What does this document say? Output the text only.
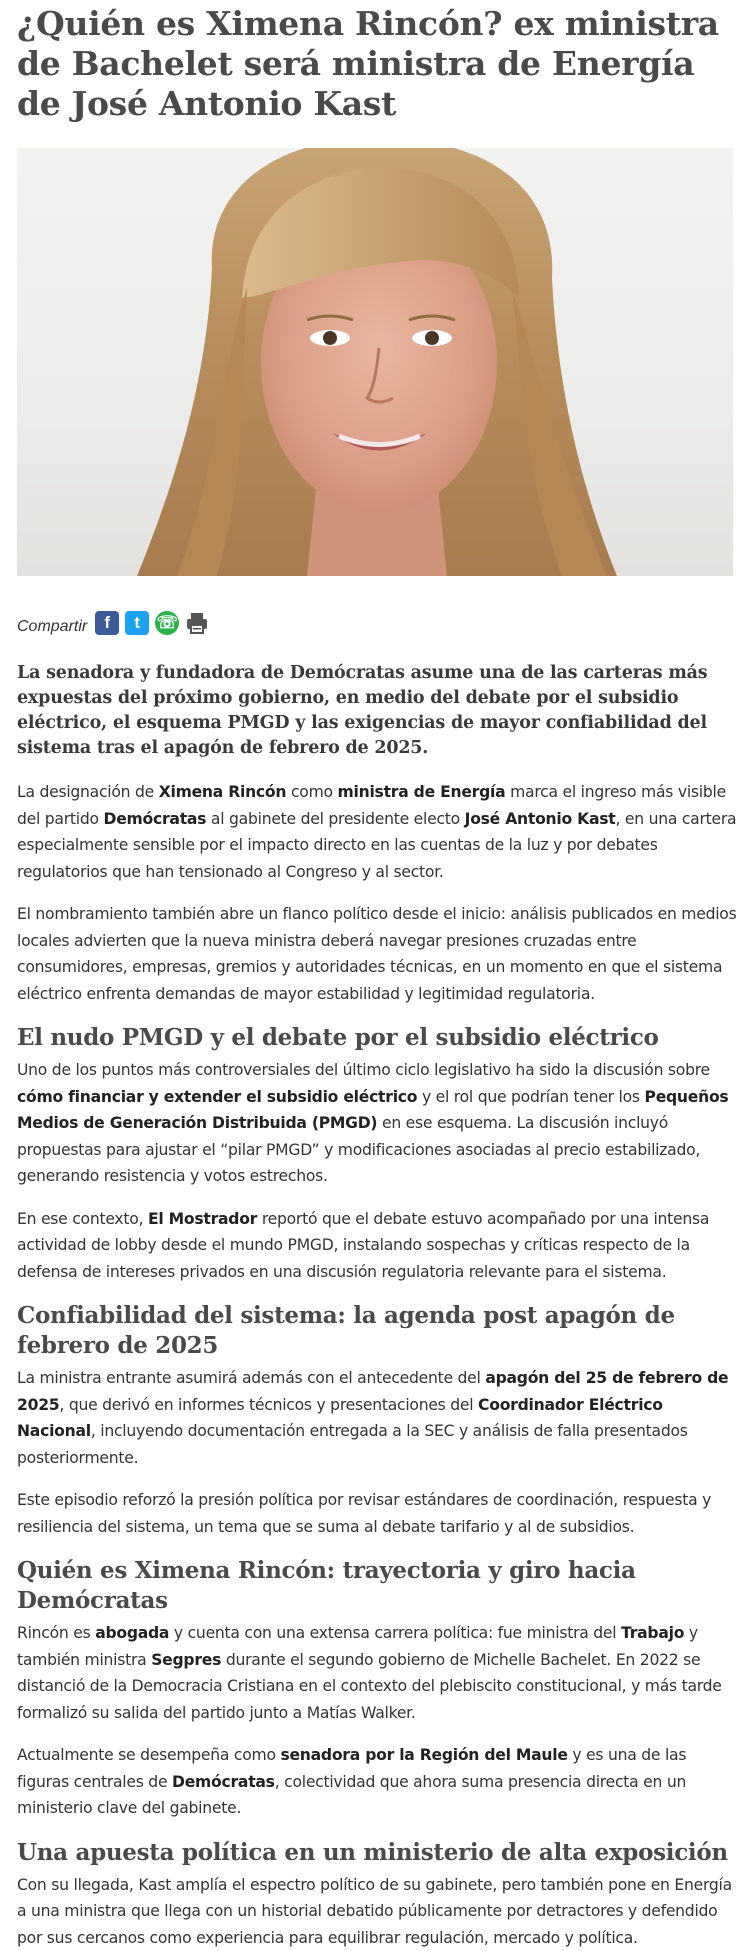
¿Quién es Ximena Rincón? ex ministra de Bachelet será ministra de Energía de José Antonio Kast
Compartir	f	t ☏
La senadora y fundadora de Demócratas asume una de las carteras más expuestas del próximo gobierno, en medio del debate por el subsidio eléctrico, el esquema PMGD y las exigencias de mayor confiabilidad del sistema tras el apagón de febrero de 2025.

La designación de Ximena Rincón como ministra de Energía marca el ingreso más visible del partido Demócratas al gabinete del presidente electo José Antonio Kast, en una cartera especialmente sensible por el impacto directo en las cuentas de la luz y por debates regulatorios que han tensionado al Congreso y al sector.

El nombramiento también abre un flanco político desde el inicio: análisis publicados en medios locales advierten que la nueva ministra deberá navegar presiones cruzadas entre consumidores, empresas, gremios y autoridades técnicas, en un momento en que el sistema eléctrico enfrenta demandas de mayor estabilidad y legitimidad regulatoria.

El nudo PMGD y el debate por el subsidio eléctrico

Uno de los puntos más controversiales del último ciclo legislativo ha sido la discusión sobre cómo financiar y extender el subsidio eléctrico y el rol que podrían tener los Pequeños Medios de Generación Distribuida (PMGD) en ese esquema. La discusión incluyó propuestas para ajustar el “pilar PMGD” y modificaciones asociadas al precio estabilizado, generando resistencia y votos estrechos.

En ese contexto, El Mostrador reportó que el debate estuvo acompañado por una intensa actividad de lobby desde el mundo PMGD, instalando sospechas y críticas respecto de la defensa de intereses privados en una discusión regulatoria relevante para el sistema.

Confiabilidad del sistema: la agenda post apagón de febrero de 2025

La ministra entrante asumirá además con el antecedente del apagón del 25 de febrero de 2025, que derivó en informes técnicos y presentaciones del Coordinador Eléctrico Nacional, incluyendo documentación entregada a la SEC y análisis de falla presentados posteriormente.

Este episodio reforzó la presión política por revisar estándares de coordinación, respuesta y resiliencia del sistema, un tema que se suma al debate tarifario y al de subsidios.

Quién es Ximena Rincón: trayectoria y giro hacia Demócratas

Rincón es abogada y cuenta con una extensa carrera política: fue ministra del Trabajo y también ministra Segpres durante el segundo gobierno de Michelle Bachelet. En 2022 se distanció de la Democracia Cristiana en el contexto del plebiscito constitucional, y más tarde formalizó su salida del partido junto a Matías Walker.

Actualmente se desempeña como senadora por la Región del Maule y es una de las figuras centrales de Demócratas, colectividad que ahora suma presencia directa en un ministerio clave del gabinete.

Una apuesta política en un ministerio de alta exposición

Con su llegada, Kast amplía el espectro político de su gabinete, pero también pone en Energía a una ministra que llega con un historial debatido públicamente por detractores y defendido por sus cercanos como experiencia para equilibrar regulación, mercado y política.
